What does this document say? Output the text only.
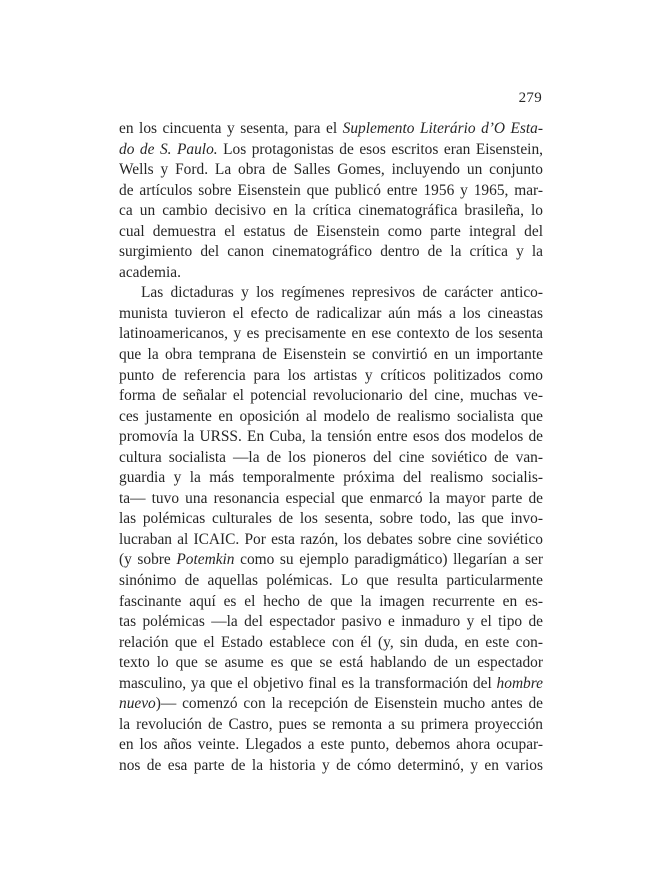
279
en los cincuenta y sesenta, para el Suplemento Literário d’O Esta-
do de S. Paulo. Los protagonistas de esos escritos eran Eisenstein,
Wells y Ford. La obra de Salles Gomes, incluyendo un conjunto
de artículos sobre Eisenstein que publicó entre 1956 y 1965, mar-
ca un cambio decisivo en la crítica cinematográfica brasileña, lo
cual demuestra el estatus de Eisenstein como parte integral del
surgimiento del canon cinematográfico dentro de la crítica y la
academia.
Las dictaduras y los regímenes represivos de carácter antico-
munista tuvieron el efecto de radicalizar aún más a los cineastas
latinoamericanos, y es precisamente en ese contexto de los sesenta
que la obra temprana de Eisenstein se convirtió en un importante
punto de referencia para los artistas y críticos politizados como
forma de señalar el potencial revolucionario del cine, muchas ve-
ces justamente en oposición al modelo de realismo socialista que
promovía la URSS. En Cuba, la tensión entre esos dos modelos de
cultura socialista —la de los pioneros del cine soviético de van-
guardia y la más temporalmente próxima del realismo socialis-
ta— tuvo una resonancia especial que enmarcó la mayor parte de
las polémicas culturales de los sesenta, sobre todo, las que invo-
lucraban al ICAIC. Por esta razón, los debates sobre cine soviético
(y sobre Potemkin como su ejemplo paradigmático) llegarían a ser
sinónimo de aquellas polémicas. Lo que resulta particularmente
fascinante aquí es el hecho de que la imagen recurrente en es-
tas polémicas —la del espectador pasivo e inmaduro y el tipo de
relación que el Estado establece con él (y, sin duda, en este con-
texto lo que se asume es que se está hablando de un espectador
masculino, ya que el objetivo final es la transformación del hombre
nuevo)— comenzó con la recepción de Eisenstein mucho antes de
la revolución de Castro, pues se remonta a su primera proyección
en los años veinte. Llegados a este punto, debemos ahora ocupar-
nos de esa parte de la historia y de cómo determinó, y en varios
